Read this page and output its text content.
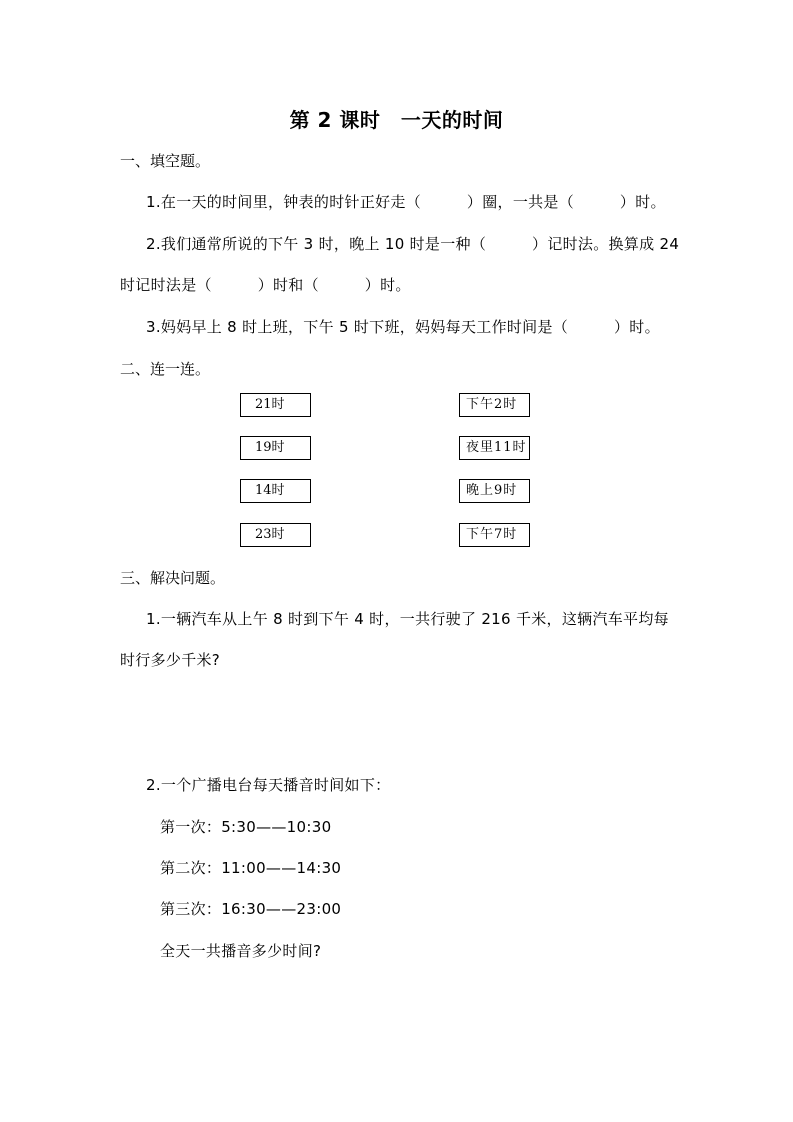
第 2 课时　一天的时间
一、填空题。
1.在一天的时间里，钟表的时针正好走（　　　）圈，一共是（　　　）时。
2.我们通常所说的下午 3 时，晚上 10 时是一种（　　　）记时法。换算成 24
时记时法是（　　　）时和（　　　）时。
3.妈妈早上 8 时上班，下午 5 时下班，妈妈每天工作时间是（　　　）时。
二、连一连。
21时
19时
14时
23时
下午2时
夜里11时
晚上9时
下午7时
三、解决问题。
1.一辆汽车从上午 8 时到下午 4 时，一共行驶了 216 千米，这辆汽车平均每
时行多少千米?
2.一个广播电台每天播音时间如下：
第一次：5:30——10:30
第二次：11:00——14:30
第三次：16:30——23:00
全天一共播音多少时间?
